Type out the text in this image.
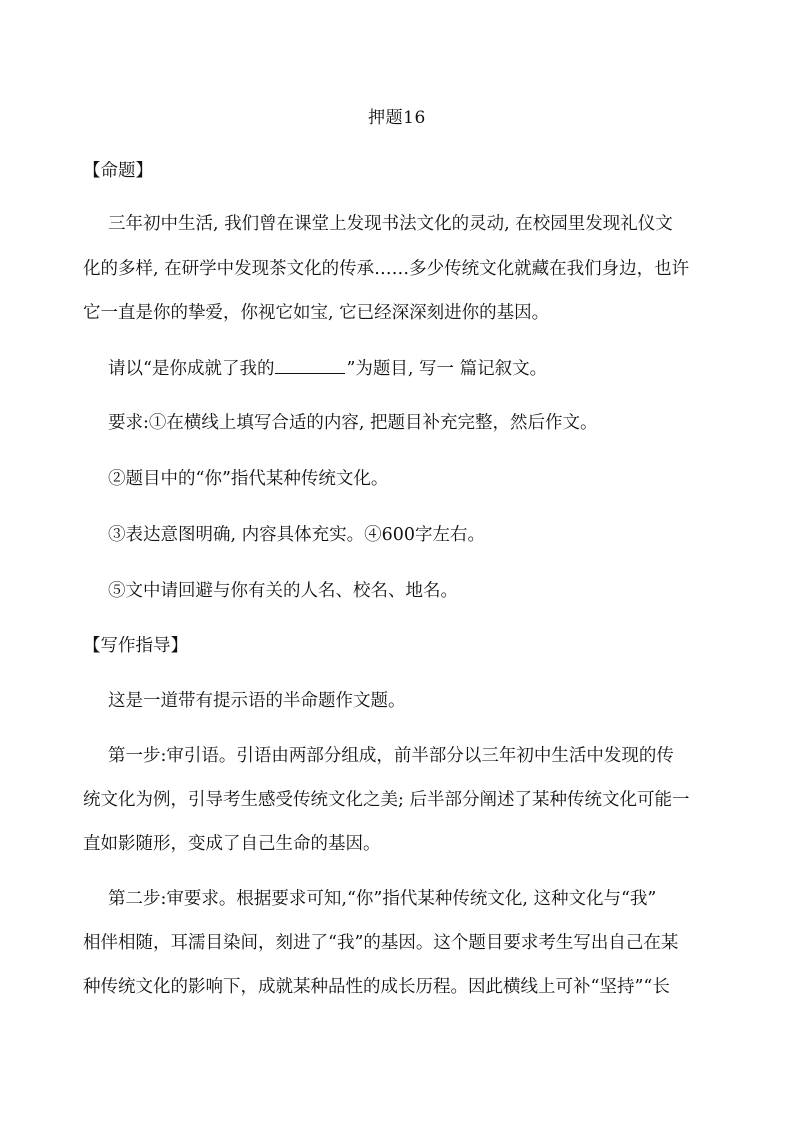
押题16
【命题】
三年初中生活, 我们曾在课堂上发现书法文化的灵动, 在校园里发现礼仪文
化的多样, 在研学中发现茶文化的传承……多少传统文化就藏在我们身边，也许
它一直是你的挚爱，你视它如宝, 它已经深深刻进你的基因。
请以“是你成就了我的	”为题目, 写一 篇记叙文。
要求:①在横线上填写合适的内容, 把题目补充完整，然后作文。
②题目中的“你”指代某种传统文化。
③表达意图明确, 内容具体充实。④600字左右。
⑤文中请回避与你有关的人名、校名、地名。
【写作指导】
这是一道带有提示语的半命题作文题。
第一步:审引语。引语由两部分组成，前半部分以三年初中生活中发现的传
统文化为例，引导考生感受传统文化之美; 后半部分阐述了某种传统文化可能一
直如影随形，变成了自己生命的基因。
第二步:审要求。根据要求可知,“你”指代某种传统文化, 这种文化与“我”
相伴相随，耳濡目染间，刻进了“我”的基因。这个题目要求考生写出自己在某
种传统文化的影响下，成就某种品性的成长历程。因此横线上可补“坚持”“长
